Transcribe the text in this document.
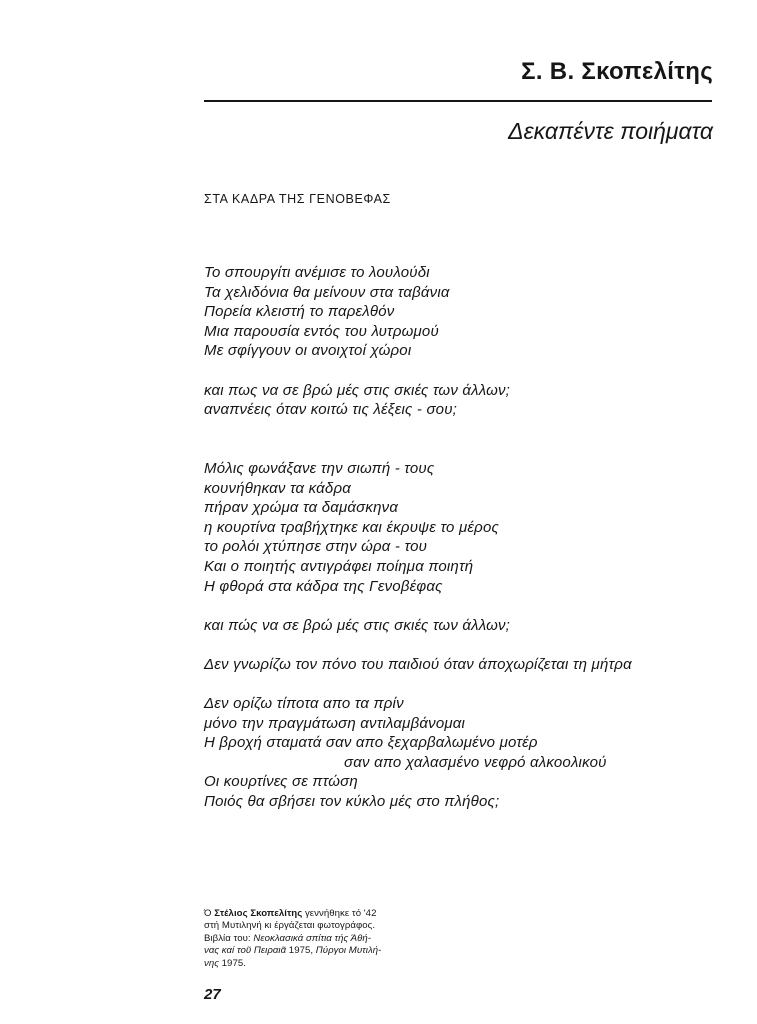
Σ. Β. Σκοπελίτης
Δεκαπέντε ποιήματα
ΣΤΑ ΚΑΔΡΑ ΤΗΣ ΓΕΝΟΒΕΦΑΣ
Το σπουργίτι ανέμισε το λουλούδι
Τα χελιδόνια θα μείνουν στα ταβάνια
Πορεία κλειστή το παρελθόν
Μια παρουσία εντός του λυτρωμού
Με σφίγγουν οι ανοιχτοί χώροι
και πως να σε βρώ μές στις σκιές των άλλων;
αναπνέεις όταν κοιτώ τις λέξεις - σου;
Μόλις φωνάξανε την σιωπή - τους
κουνήθηκαν τα κάδρα
πήραν χρώμα τα δαμάσκηνα
η κουρτίνα τραβήχτηκε και έκρυψε το μέρος
το ρολόι χτύπησε στην ώρα - του
Και ο ποιητής αντιγράφει ποίημα ποιητή
Η φθορά στα κάδρα της Γενοβέφας
και πώς να σε βρώ μές στις σκιές των άλλων;
Δεν γνωρίζω τον πόνο του παιδιού όταν άποχωρίζεται τη μήτρα
Δεν ορίζω τίποτα απο τα πρίν
μόνο την πραγμάτωση αντιλαμβάνομαι
Η βροχή σταματά σαν απο ξεχαρβαλωμένο μοτέρ
σαν απο χαλασμένο νεφρό αλκοολικού
Οι κουρτίνες σε πτώση
Ποιός θα σβήσει τον κύκλο μές στο πλήθος;
Ό Στέλιος Σκοπελίτης γεννήθηκε τό '42
στή Μυτιληνή κι έργάζεται φωτογράφος.
Βιβλία του: Νεοκλασικά σπίτια τής Άθή-
νας καί τοῦ Πειραιᾶ 1975, Πύργοι Μυτιλή-
νης 1975.
27
